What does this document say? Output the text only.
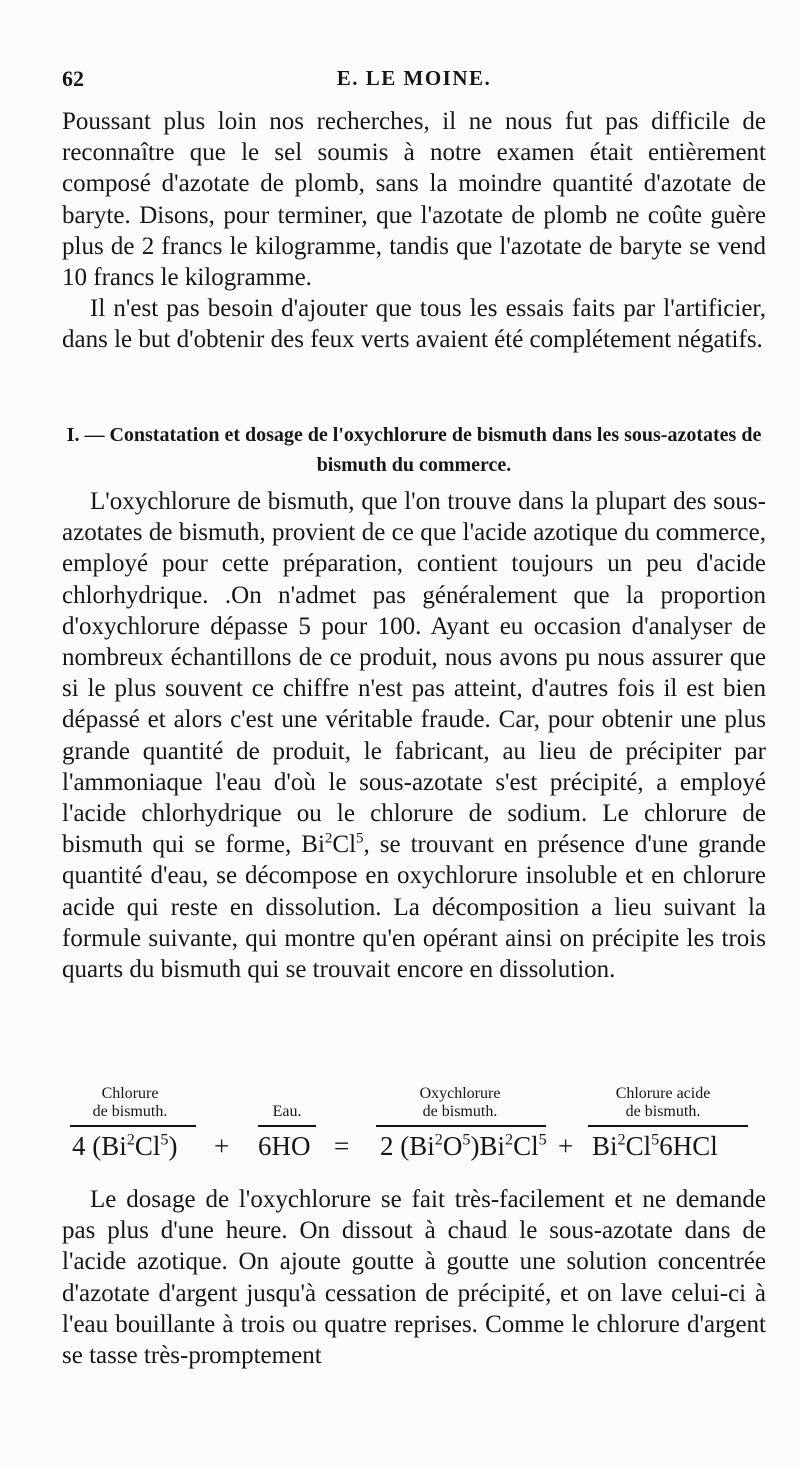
62	E. LE MOINE.

Poussant plus loin nos recherches, il ne nous fut pas difficile de reconnaître que le sel soumis à notre examen était entièrement composé d'azotate de plomb, sans la moindre quantité d'azotate de baryte. Disons, pour terminer, que l'azotate de plomb ne coûte guère plus de 2 francs le kilogramme, tandis que l'azotate de baryte se vend 10 francs le kilogramme.

Il n'est pas besoin d'ajouter que tous les essais faits par l'artificier, dans le but d'obtenir des feux verts avaient été complétement négatifs.

I. — Constatation et dosage de l'oxychlorure de bismuth dans les sous-azotates de bismuth du commerce.

L'oxychlorure de bismuth, que l'on trouve dans la plupart des sous-azotates de bismuth, provient de ce que l'acide azotique du commerce, employé pour cette préparation, contient toujours un peu d'acide chlorhydrique. .On n'admet pas généralement que la proportion d'oxychlorure dépasse 5 pour 100. Ayant eu occasion d'analyser de nombreux échantillons de ce produit, nous avons pu nous assurer que si le plus souvent ce chiffre n'est pas atteint, d'autres fois il est bien dépassé et alors c'est une véritable fraude. Car, pour obtenir une plus grande quantité de produit, le fabricant, au lieu de précipiter par l'ammoniaque l'eau d'où le sous-azotate s'est précipité, a employé l'acide chlorhydrique ou le chlorure de sodium. Le chlorure de bismuth qui se forme, Bi$^2$Cl$^5$, se trouvant en présence d'une grande quantité d'eau, se décompose en oxychlorure insoluble et en chlorure acide qui reste en dissolution. La décomposition a lieu suivant la formule suivante, qui montre qu'en opérant ainsi on précipite les trois quarts du bismuth qui se trouvait encore en dissolution.

Chlorure
de bismuth.	Eau.
Oxychlorure
de bismuth.
Chlorure acide
de bismuth.
4 $(Bi^2Cl^5) + 6HO = 2$ $(Bi^2O^5)Bi^2Cl^5 + Bi^2Cl^56HCl$

Le dosage de l'oxychlorure se fait très-facilement et ne demande pas plus d'une heure. On dissout à chaud le sous-azotate dans de l'acide azotique. On ajoute goutte à goutte une solution concentrée d'azotate d'argent jusqu'à cessation de précipité, et on lave celui-ci à l'eau bouillante à trois ou quatre reprises. Comme le chlorure d'argent se tasse très-promptement
